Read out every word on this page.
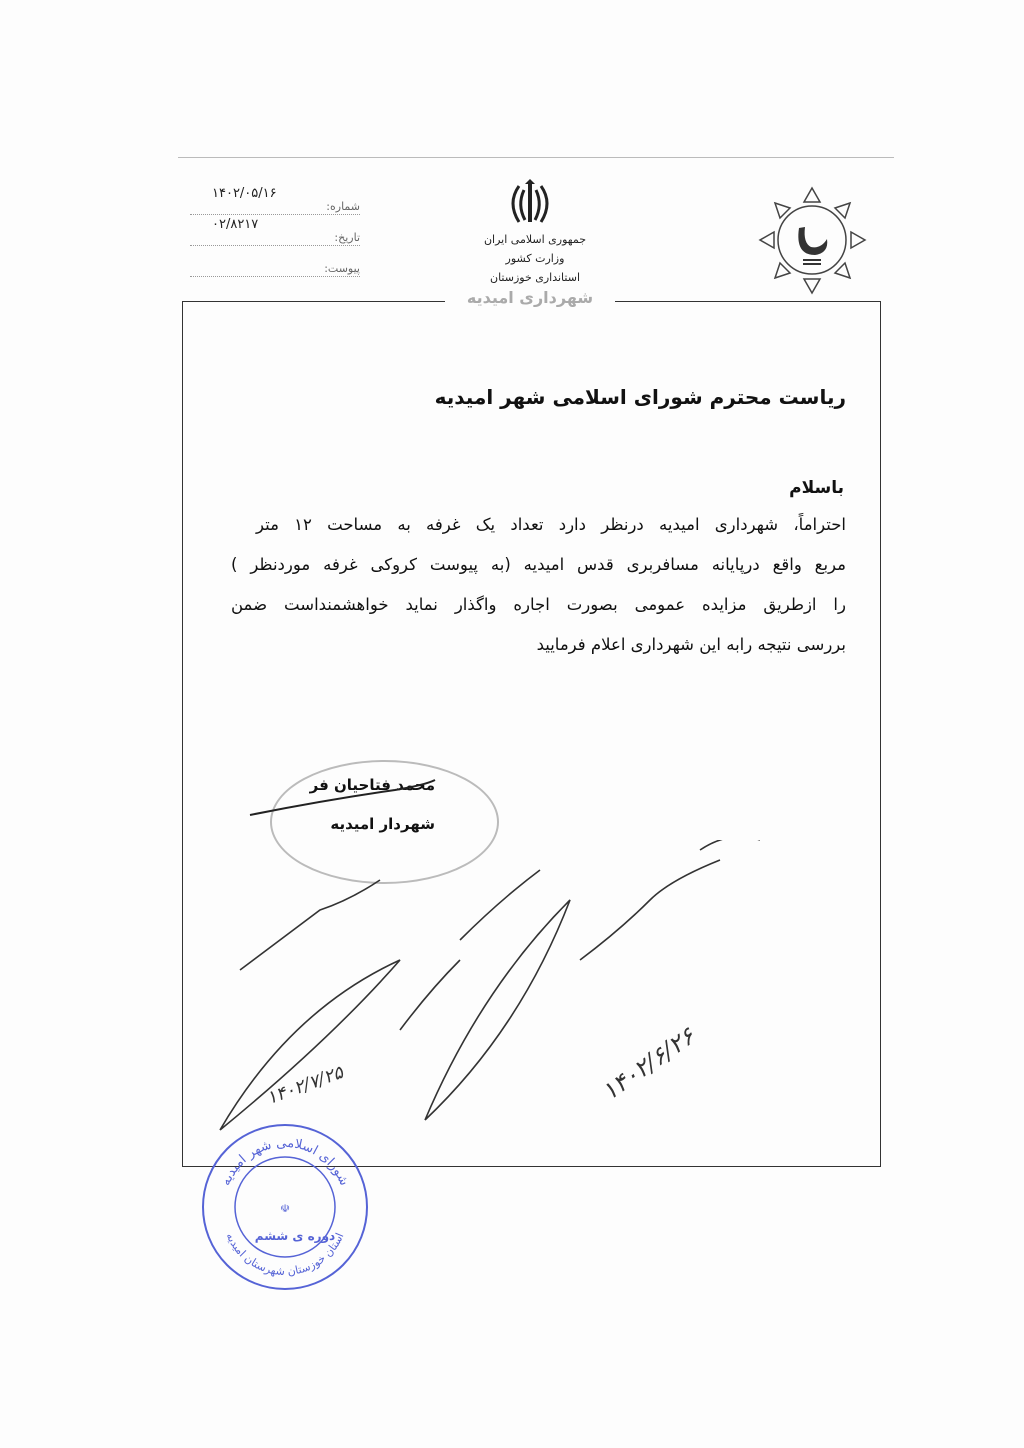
شماره:
۱۴۰۲/۰۵/۱۶
تاریخ:
۰۲/۸۲۱۷
پیوست:
جمهوری اسلامی ایران
وزارت کشور
استانداری خوزستان
شهرداری امیدیه
ریاست محترم شورای اسلامی شهر امیدیه
باسلام
احتراماً، شهرداری امیدیه درنظر دارد تعداد یک غرفه به مساحت ۱۲ متر
مربع واقع درپایانه مسافربری قدس امیدیه (به پیوست کروکی غرفه موردنظر )
را ازطریق مزایده عمومی بصورت اجاره واگذار نماید خواهشمنداست ضمن
بررسی نتیجه رابه این شهرداری اعلام فرمایید
محمد فتاحیان فر
شهردار امیدیه
۱۴۰۲/۷/۲۵	۱۴۰۲/۶/۲۶
شورای اسلامی شهر امیدیه
استان خوزستان شهرستان امیدیه
☫
دوره ی ششم
